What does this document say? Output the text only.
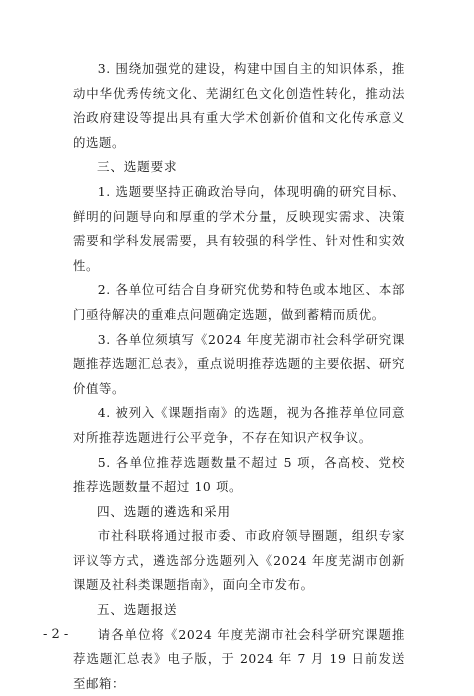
3. 围绕加强党的建设，构建中国自主的知识体系，推动中华优秀传统文化、芜湖红色文化创造性转化，推动法治政府建设等提出具有重大学术创新价值和文化传承意义的选题。

三、选题要求

1. 选题要坚持正确政治导向，体现明确的研究目标、鲜明的问题导向和厚重的学术分量，反映现实需求、决策需要和学科发展需要，具有较强的科学性、针对性和实效性。

2. 各单位可结合自身研究优势和特色或本地区、本部门亟待解决的重难点问题确定选题，做到蓄精而质优。

3. 各单位须填写《2024 年度芜湖市社会科学研究课题推荐选题汇总表》，重点说明推荐选题的主要依据、研究价值等。

4. 被列入《课题指南》的选题，视为各推荐单位同意对所推荐选题进行公平竞争，不存在知识产权争议。

5. 各单位推荐选题数量不超过 5 项，各高校、党校推荐选题数量不超过 10 项。

四、选题的遴选和采用

市社科联将通过报市委、市政府领导圈题，组织专家评议等方式，遴选部分选题列入《2024 年度芜湖市创新课题及社科类课题指南》，面向全市发布。

五、选题报送

请各单位将《2024 年度芜湖市社会科学研究课题推荐选题汇总表》电子版，于 2024 年 7 月 19 日前发送至邮箱：

- 2 -
